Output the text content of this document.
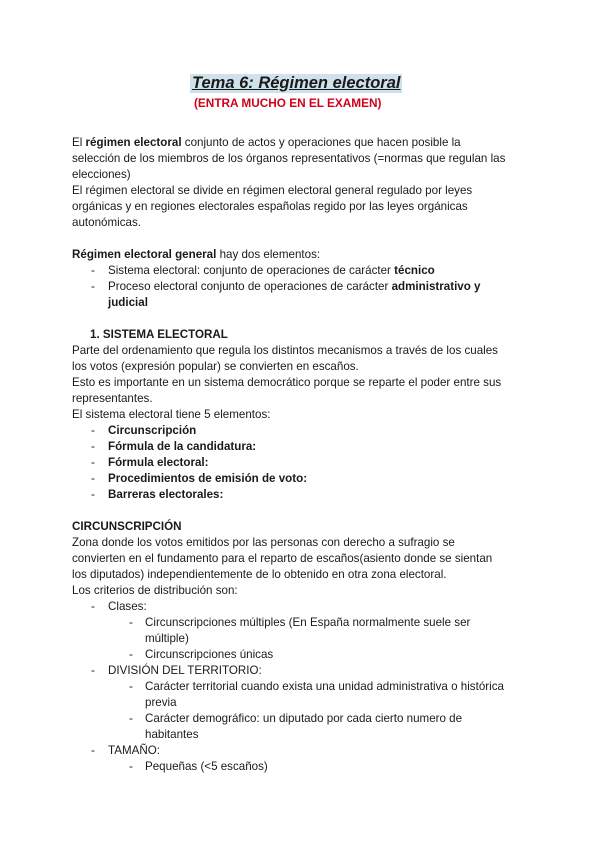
Tema 6: Régimen electoral
(ENTRA MUCHO EN EL EXAMEN)
El régimen electoral conjunto de actos y operaciones que hacen posible la
selección de los miembros de los órganos representativos (=normas que regulan las
elecciones)
El régimen electoral se divide en régimen electoral general regulado por leyes
orgánicas y en regiones electorales españolas regido por las leyes orgánicas
autonómicas.
Régimen electoral general hay dos elementos:
- Sistema electoral: conjunto de operaciones de carácter técnico
- Proceso electoral conjunto de operaciones de carácter administrativo y
judicial
1. SISTEMA ELECTORAL
Parte del ordenamiento que regula los distintos mecanismos a través de los cuales
los votos (expresión popular) se convierten en escaños.
Esto es importante en un sistema democrático porque se reparte el poder entre sus
representantes.
El sistema electoral tiene 5 elementos:
- Circunscripción
- Fórmula de la candidatura:
- Fórmula electoral:
- Procedimientos de emisión de voto:
- Barreras electorales:
CIRCUNSCRIPCIÓN
Zona donde los votos emitidos por las personas con derecho a sufragio se
convierten en el fundamento para el reparto de escaños(asiento donde se sientan
los diputados) independientemente de lo obtenido en otra zona electoral.
Los criterios de distribución son:
- Clases:
- Circunscripciones múltiples (En España normalmente suele ser
múltiple)
- Circunscripciones únicas
- DIVISIÓN DEL TERRITORIO:
- Carácter territorial cuando exista una unidad administrativa o histórica
previa
- Carácter demográfico: un diputado por cada cierto numero de
habitantes
- TAMAÑO:
- Pequeñas (<5 escaños)
